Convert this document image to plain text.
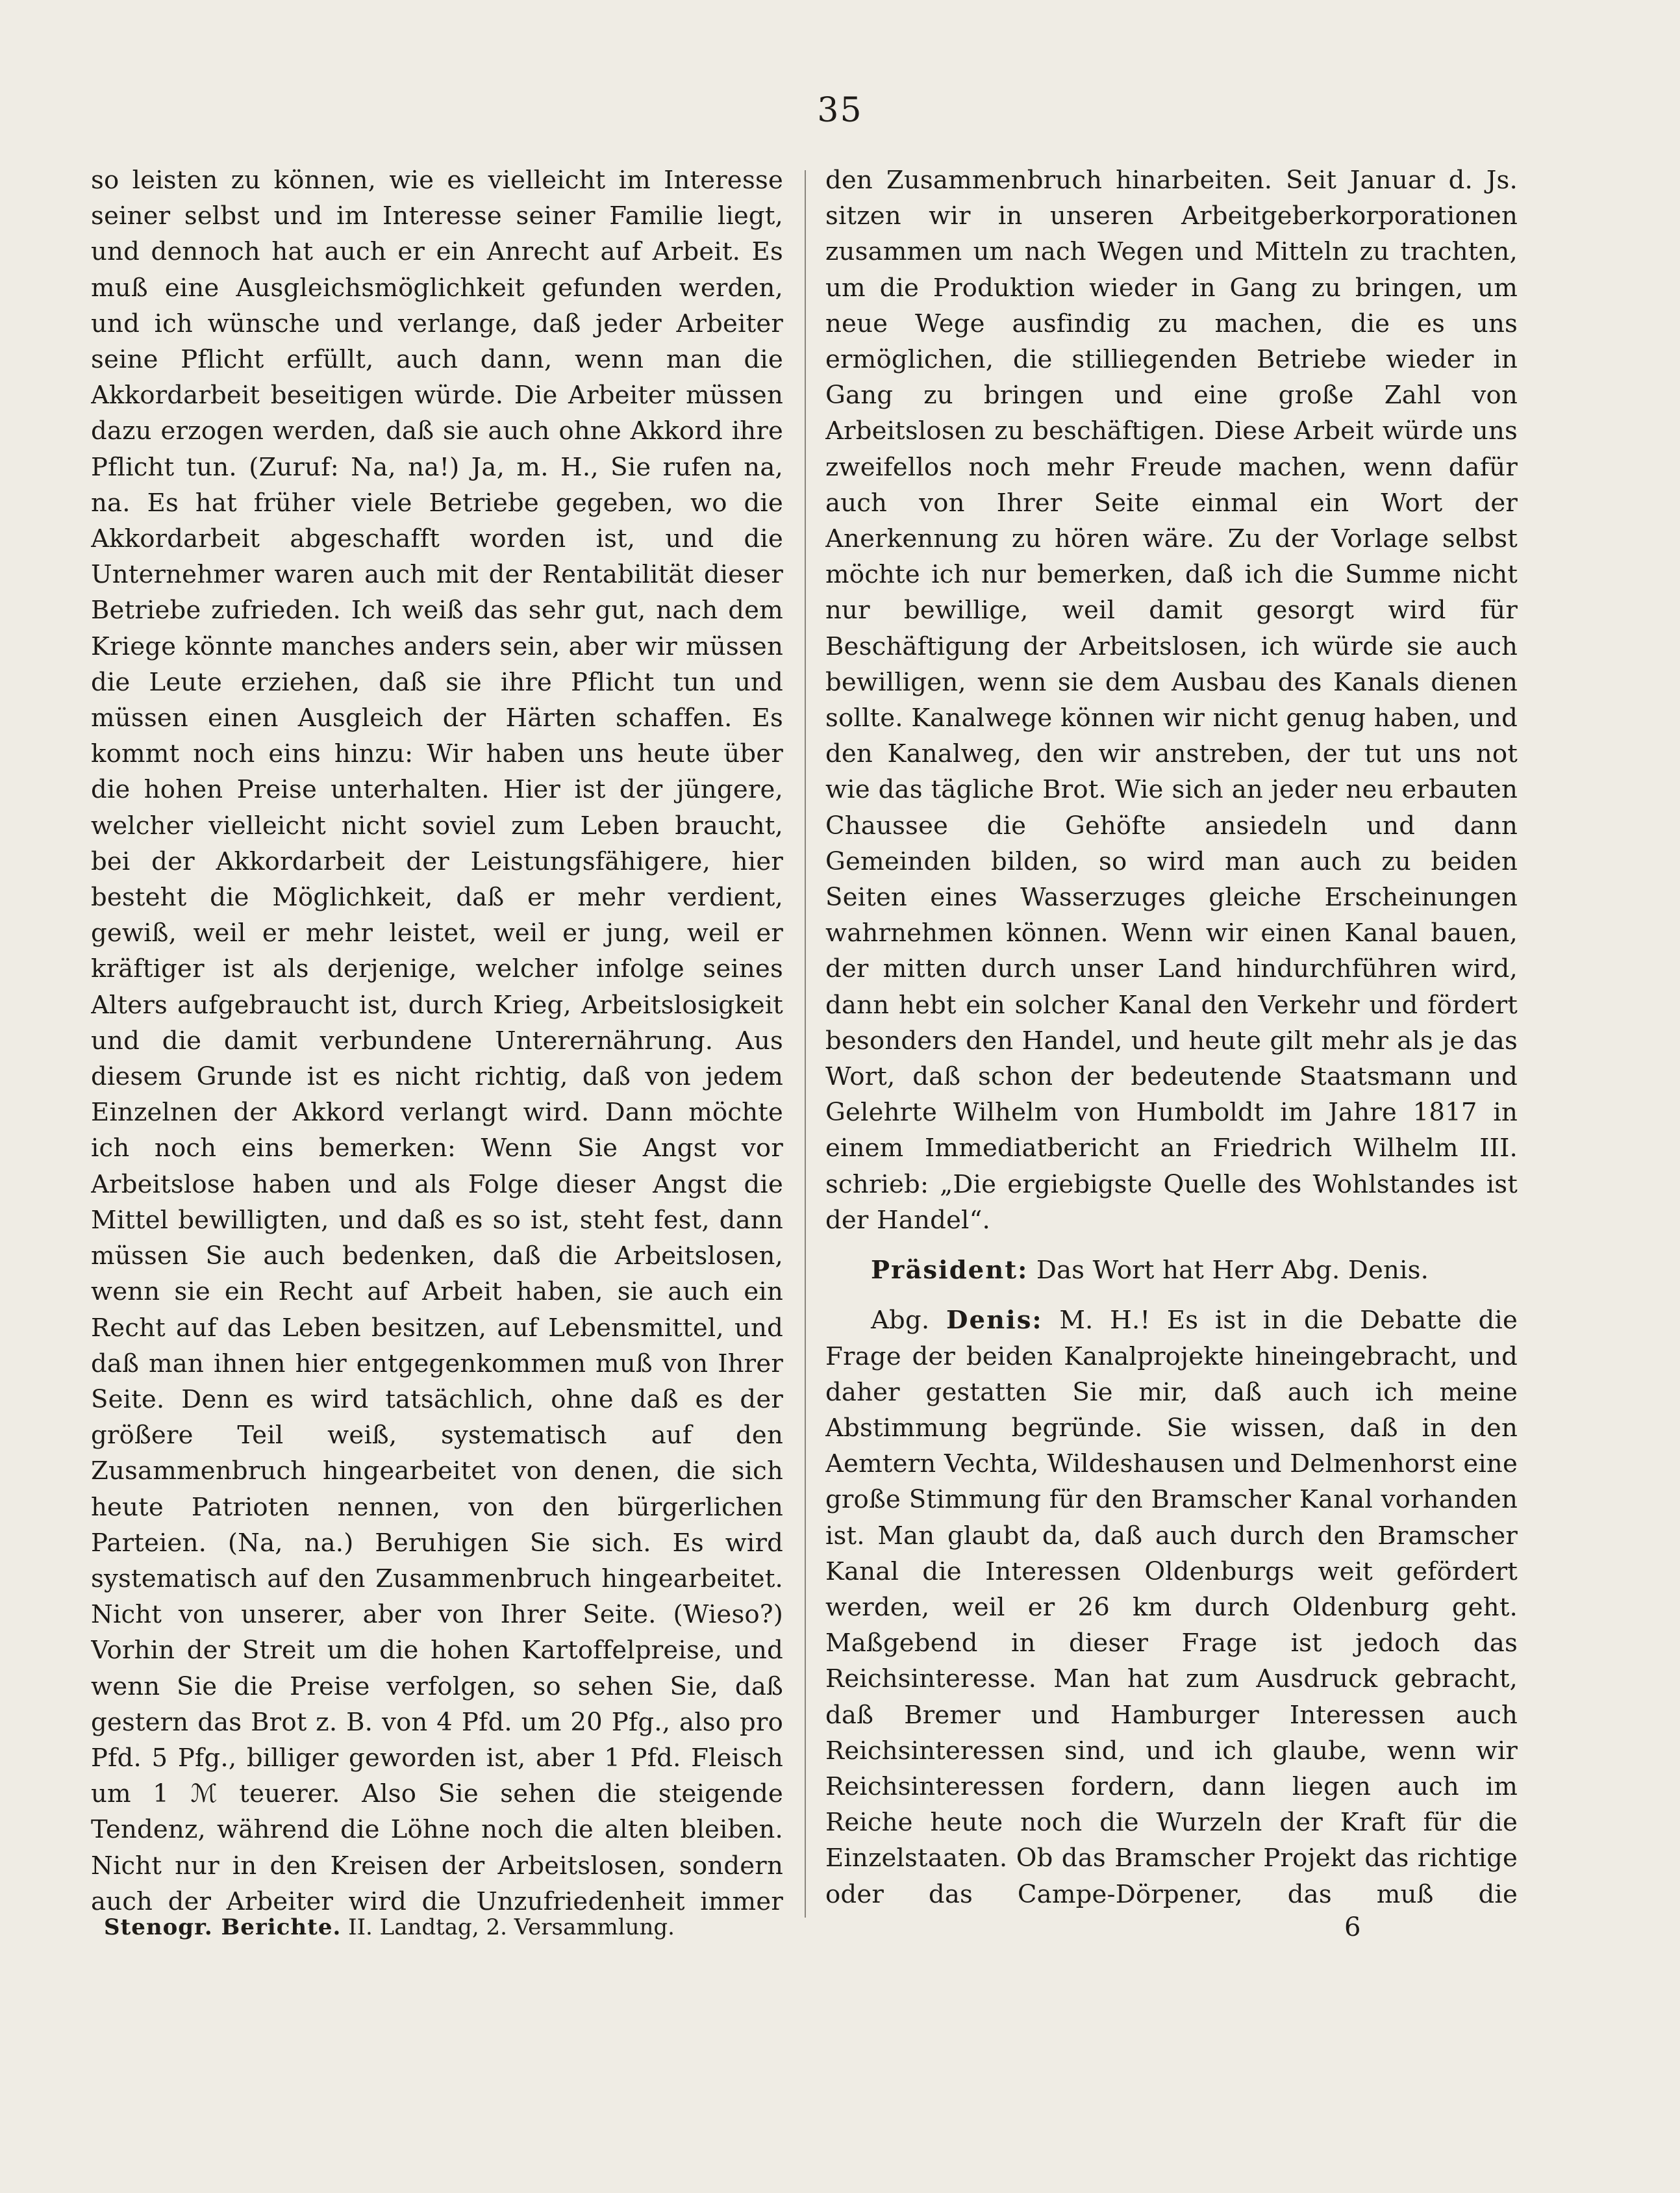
35

so leisten zu können, wie es vielleicht im Interesse seiner selbst und im Interesse seiner Familie liegt, und dennoch hat auch er ein Anrecht auf Arbeit. Es muß eine Ausgleichsmöglichkeit gefunden werden, und ich wünsche und verlange, daß jeder Arbeiter seine Pflicht erfüllt, auch dann, wenn man die Akkordarbeit beseitigen würde. Die Arbeiter müssen dazu erzogen werden, daß sie auch ohne Akkord ihre Pflicht tun. (Zuruf: Na, na!) Ja, m. H., Sie rufen na, na. Es hat früher viele Betriebe gegeben, wo die Akkordarbeit abgeschafft worden ist, und die Unternehmer waren auch mit der Rentabilität dieser Betriebe zufrieden. Ich weiß das sehr gut, nach dem Kriege könnte manches anders sein, aber wir müssen die Leute erziehen, daß sie ihre Pflicht tun und müssen einen Ausgleich der Härten schaffen. Es kommt noch eins hinzu: Wir haben uns heute über die hohen Preise unterhalten. Hier ist der jüngere, welcher vielleicht nicht soviel zum Leben braucht, bei der Akkordarbeit der Leistungsfähigere, hier besteht die Möglichkeit, daß er mehr verdient, gewiß, weil er mehr leistet, weil er jung, weil er kräftiger ist als derjenige, welcher infolge seines Alters aufgebraucht ist, durch Krieg, Arbeitslosigkeit und die damit verbundene Unterernährung. Aus diesem Grunde ist es nicht richtig, daß von jedem Einzelnen der Akkord verlangt wird. Dann möchte ich noch eins bemerken: Wenn Sie Angst vor Arbeitslose haben und als Folge dieser Angst die Mittel bewilligten, und daß es so ist, steht fest, dann müssen Sie auch bedenken, daß die Arbeitslosen, wenn sie ein Recht auf Arbeit haben, sie auch ein Recht auf das Leben besitzen, auf Lebensmittel, und daß man ihnen hier entgegenkommen muß von Ihrer Seite. Denn es wird tatsächlich, ohne daß es der größere Teil weiß, systematisch auf den Zusammenbruch hingearbeitet von denen, die sich heute Patrioten nennen, von den bürgerlichen Parteien. (Na, na.) Beruhigen Sie sich. Es wird systematisch auf den Zusammenbruch hingearbeitet. Nicht von unserer, aber von Ihrer Seite. (Wieso?) Vorhin der Streit um die hohen Kartoffelpreise, und wenn Sie die Preise verfolgen, so sehen Sie, daß gestern das Brot z. B. von 4 Pfd. um 20 Pfg., also pro Pfd. 5 Pfg., billiger geworden ist, aber 1 Pfd. Fleisch um 1 ℳ teuerer. Also Sie sehen die steigende Tendenz, während die Löhne noch die alten bleiben. Nicht nur in den Kreisen der Arbeitslosen, sondern auch der Arbeiter wird die Unzufriedenheit immer

den Zusammenbruch hinarbeiten. Seit Januar d. Js. sitzen wir in unseren Arbeitgeberkorporationen zusammen um nach Wegen und Mitteln zu trachten, um die Produktion wieder in Gang zu bringen, um neue Wege ausfindig zu machen, die es uns ermöglichen, die stilliegenden Betriebe wieder in Gang zu bringen und eine große Zahl von Arbeitslosen zu beschäftigen. Diese Arbeit würde uns zweifellos noch mehr Freude machen, wenn dafür auch von Ihrer Seite einmal ein Wort der Anerkennung zu hören wäre. Zu der Vorlage selbst möchte ich nur bemerken, daß ich die Summe nicht nur bewillige, weil damit gesorgt wird für Beschäftigung der Arbeitslosen, ich würde sie auch bewilligen, wenn sie dem Ausbau des Kanals dienen sollte. Kanalwege können wir nicht genug haben, und den Kanalweg, den wir anstreben, der tut uns not wie das tägliche Brot. Wie sich an jeder neu erbauten Chaussee die Gehöfte ansiedeln und dann Gemeinden bilden, so wird man auch zu beiden Seiten eines Wasserzuges gleiche Erscheinungen wahrnehmen können. Wenn wir einen Kanal bauen, der mitten durch unser Land hindurchführen wird, dann hebt ein solcher Kanal den Verkehr und fördert besonders den Handel, und heute gilt mehr als je das Wort, daß schon der bedeutende Staatsmann und Gelehrte Wilhelm von Humboldt im Jahre 1817 in einem Immediatbericht an Friedrich Wilhelm III. schrieb: „Die ergiebigste Quelle des Wohlstandes ist der Handel“.

Präsident: Das Wort hat Herr Abg. Denis.

Abg. Denis: M. H.! Es ist in die Debatte die Frage der beiden Kanalprojekte hineingebracht, und daher gestatten Sie mir, daß auch ich meine Abstimmung begründe. Sie wissen, daß in den Aemtern Vechta, Wildeshausen und Delmenhorst eine große Stimmung für den Bramscher Kanal vorhanden ist. Man glaubt da, daß auch durch den Bramscher Kanal die Interessen Oldenburgs weit gefördert werden, weil er 26 km durch Oldenburg geht. Maßgebend in dieser Frage ist jedoch das Reichsinteresse. Man hat zum Ausdruck gebracht, daß Bremer und Hamburger Interessen auch Reichsinteressen sind, und ich glaube, wenn wir Reichsinteressen fordern, dann liegen auch im Reiche heute noch die Wurzeln der Kraft für die Einzelstaaten. Ob das Bramscher Projekt das richtige oder das Campe-Dörpener, das muß die

Stenogr. Berichte. II. Landtag, 2. Versammlung.	6
